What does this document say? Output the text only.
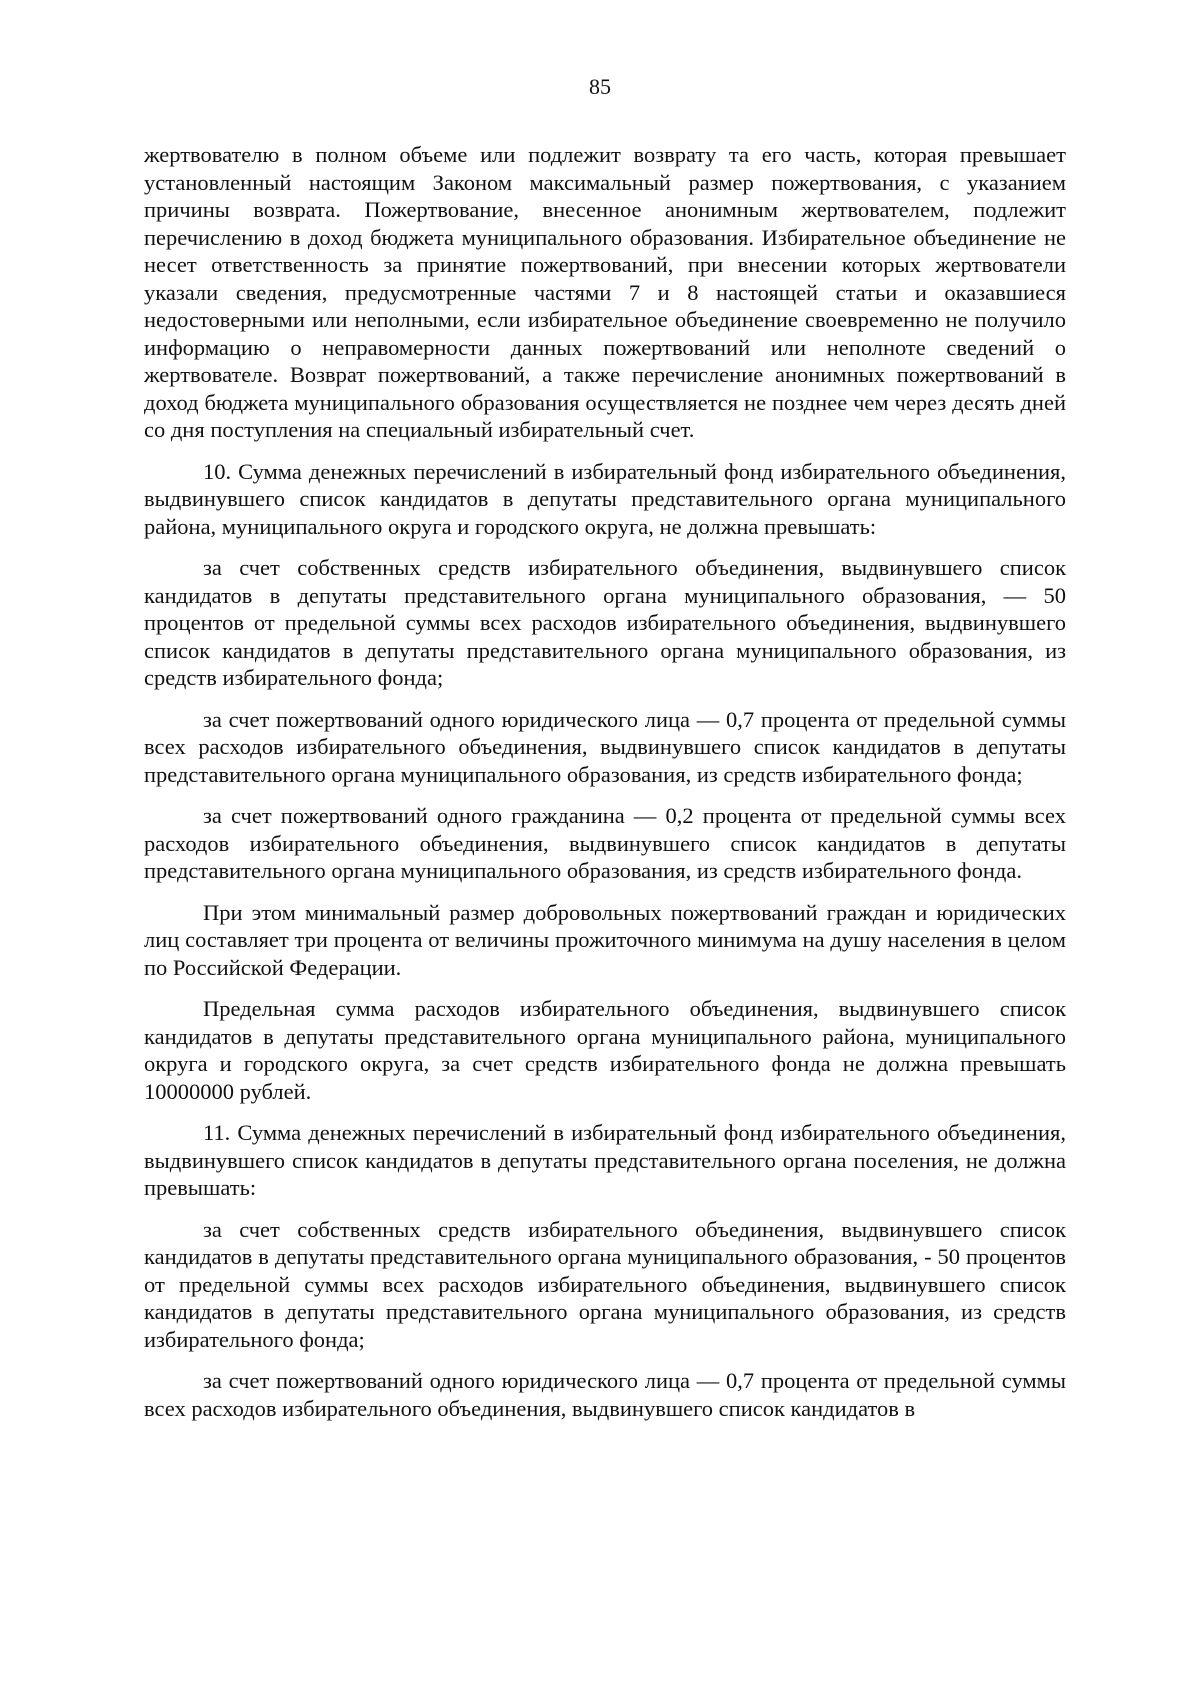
85

жертвователю в полном объеме или подлежит возврату та его часть, которая превышает установленный настоящим Законом максимальный размер пожертвования, с указанием причины возврата. Пожертвование, внесенное анонимным жертвователем, подлежит перечислению в доход бюджета муниципального образования. Избирательное объединение не несет ответственность за принятие пожертвований, при внесении которых жертвователи указали сведения, предусмотренные частями 7 и 8 настоящей статьи и оказавшиеся недостоверными или неполными, если избирательное объединение своевременно не получило информацию о неправомерности данных пожертвований или неполноте сведений о жертвователе. Возврат пожертвований, а также перечисление анонимных пожертвований в доход бюджета муниципального образования осуществляется не позднее чем через десять дней со дня поступления на специальный избирательный счет.

10. Сумма денежных перечислений в избирательный фонд избирательного объединения, выдвинувшего список кандидатов в депутаты представительного органа муниципального района, муниципального округа и городского округа, не должна превышать:

за счет собственных средств избирательного объединения, выдвинувшего список кандидатов в депутаты представительного органа муниципального образования, — 50 процентов от предельной суммы всех расходов избирательного объединения, выдвинувшего список кандидатов в депутаты представительного органа муниципального образования, из средств избирательного фонда;

за счет пожертвований одного юридического лица — 0,7 процента от предельной суммы всех расходов избирательного объединения, выдвинувшего список кандидатов в депутаты представительного органа муниципального образования, из средств избирательного фонда;

за счет пожертвований одного гражданина — 0,2 процента от предельной суммы всех расходов избирательного объединения, выдвинувшего список кандидатов в депутаты представительного органа муниципального образования, из средств избирательного фонда.

При этом минимальный размер добровольных пожертвований граждан и юридических лиц составляет три процента от величины прожиточного минимума на душу населения в целом по Российской Федерации.

Предельная сумма расходов избирательного объединения, выдвинувшего список кандидатов в депутаты представительного органа муниципального района, муниципального округа и городского округа, за счет средств избирательного фонда не должна превышать 10000000 рублей.

11. Сумма денежных перечислений в избирательный фонд избирательного объединения, выдвинувшего список кандидатов в депутаты представительного органа поселения, не должна превышать:

за счет собственных средств избирательного объединения, выдвинувшего список кандидатов в депутаты представительного органа муниципального образования, - 50 процентов от предельной суммы всех расходов избирательного объединения, выдвинувшего список кандидатов в депутаты представительного органа муниципального образования, из средств избирательного фонда;

за счет пожертвований одного юридического лица — 0,7 процента от предельной суммы всех расходов избирательного объединения, выдвинувшего список кандидатов в
